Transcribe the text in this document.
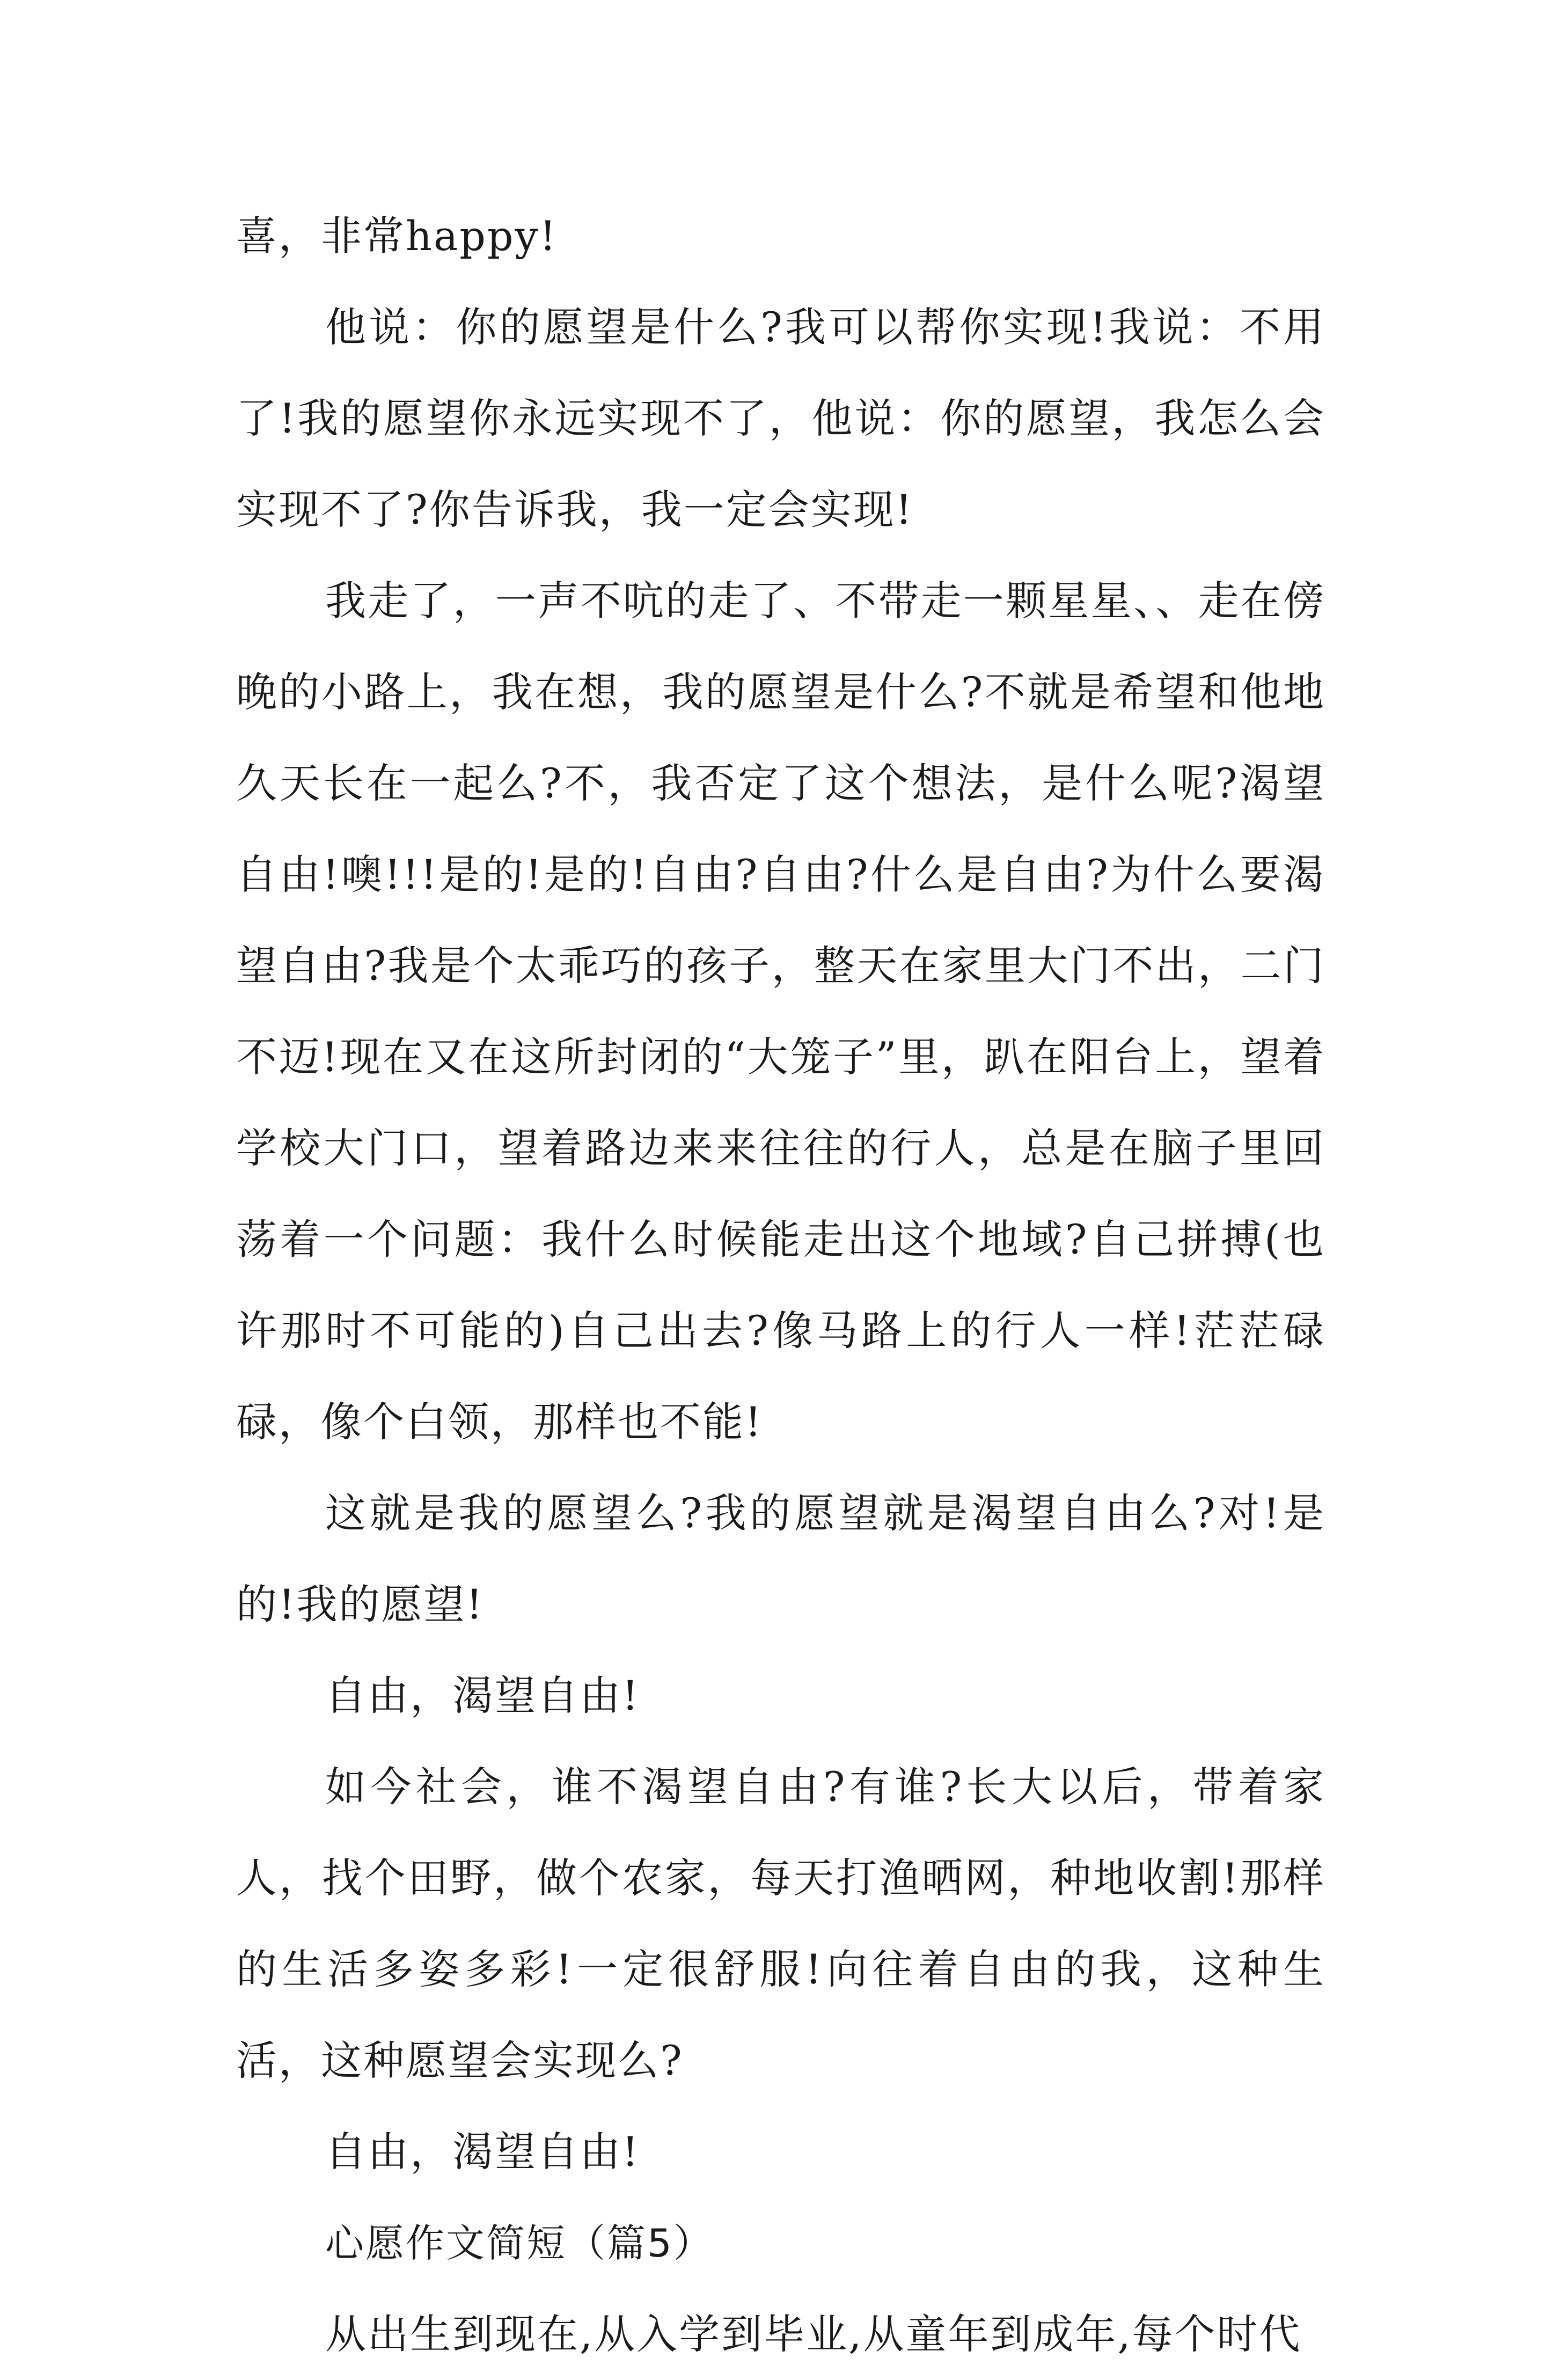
喜，非常happy!

他说：你的愿望是什么?我可以帮你实现!我说：不用了!我的愿望你永远实现不了，他说：你的愿望，我怎么会实现不了?你告诉我，我一定会实现!

我走了，一声不吭的走了、不带走一颗星星、、走在傍晚的小路上，我在想，我的愿望是什么?不就是希望和他地久天长在一起么?不，我否定了这个想法，是什么呢?渴望自由!噢!!!是的!是的!自由?自由?什么是自由?为什么要渴望自由?我是个太乖巧的孩子，整天在家里大门不出，二门不迈!现在又在这所封闭的“大笼子”里，趴在阳台上，望着学校大门口，望着路边来来往往的行人，总是在脑子里回荡着一个问题：我什么时候能走出这个地域?自己拼搏(也许那时不可能的)自己出去?像马路上的行人一样!茫茫碌碌，像个白领，那样也不能!

这就是我的愿望么?我的愿望就是渴望自由么?对!是的!我的愿望!

自由，渴望自由!

如今社会，谁不渴望自由?有谁?长大以后，带着家人，找个田野，做个农家，每天打渔晒网，种地收割!那样的生活多姿多彩!一定很舒服!向往着自由的我，这种生活，这种愿望会实现么?

自由，渴望自由!

心愿作文简短（篇5）

从出生到现在,从入学到毕业,从童年到成年,每个时代
